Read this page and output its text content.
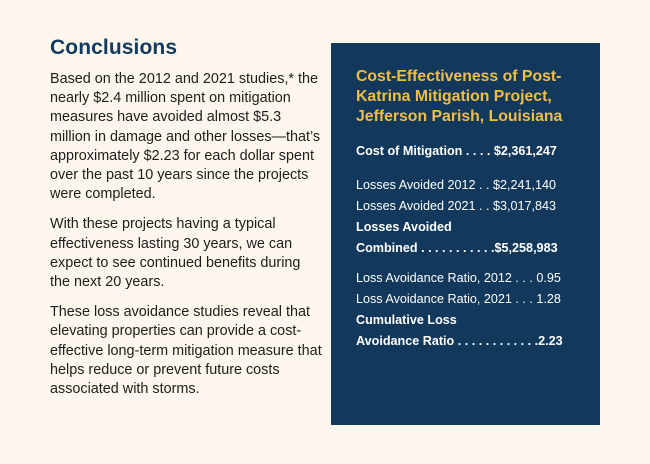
Conclusions

Based on the 2012 and 2021 studies,* the nearly $2.4 million spent on mitigation measures have avoided almost $5.3 million in damage and other losses—that’s approximately $2.23 for each dollar spent over the past 10 years since the projects were completed.

With these projects having a typical effectiveness lasting 30 years, we can expect to see continued benefits during the next 20 years.

These loss avoidance studies reveal that elevating properties can provide a cost-effective long-term mitigation measure that helps reduce or prevent future costs associated with storms.

Cost-Effectiveness of Post-Katrina Mitigation Project, Jefferson Parish, Louisiana
Cost of Mitigation . . . . $2,361,247
Losses Avoided 2012 . . $2,241,140
Losses Avoided 2021 . . $3,017,843
Losses Avoided
Combined . . . . . . . . . . .$5,258,983
Loss Avoidance Ratio, 2012 . . . 0.95
Loss Avoidance Ratio, 2021 . . . 1.28
Cumulative Loss
Avoidance Ratio . . . . . . . . . . . .2.23
